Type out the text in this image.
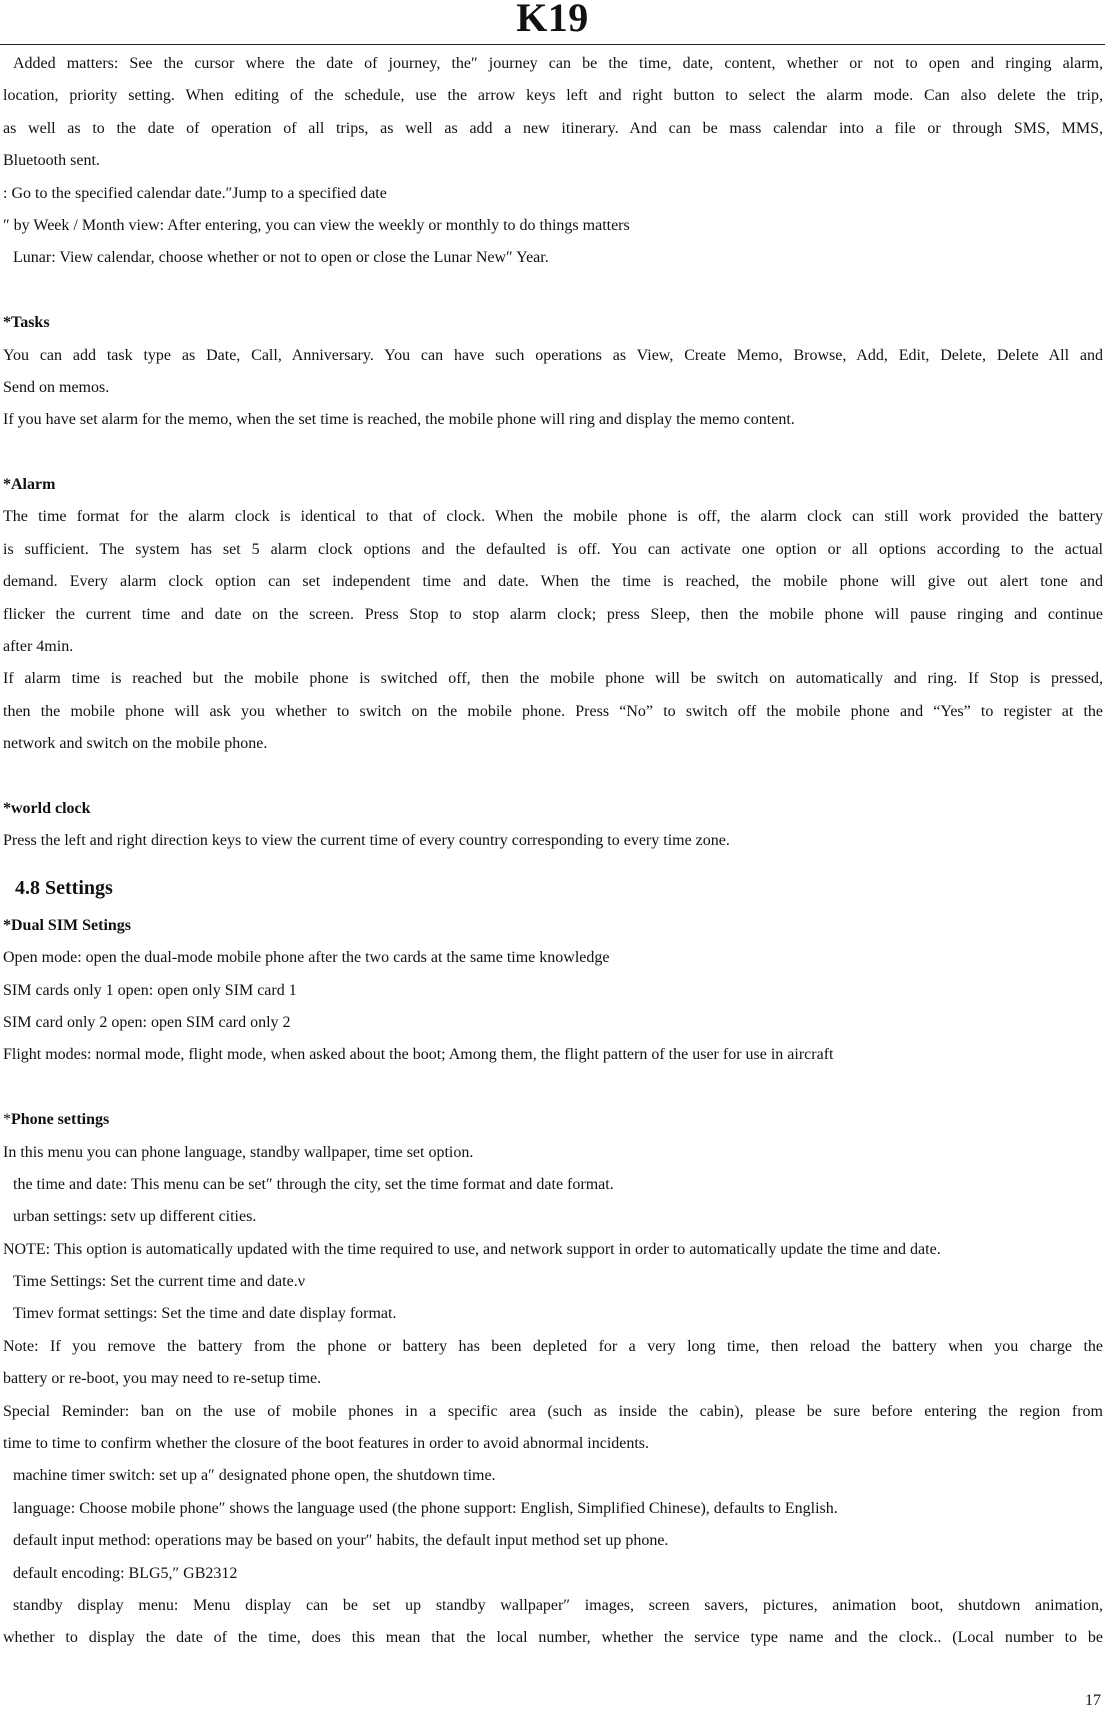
K19
Added matters: See the cursor where the date of journey, the″ journey can be the time, date, content, whether or not to open and ringing alarm,
location, priority setting. When editing of the schedule, use the arrow keys left and right button to select the alarm mode. Can also delete the trip,
as well as to the date of operation of all trips, as well as add a new itinerary. And can be mass calendar into a file or through SMS, MMS,
Bluetooth sent.
: Go to the specified calendar date.″Jump to a specified date
″ by Week / Month view: After entering, you can view the weekly or monthly to do things matters
Lunar: View calendar, choose whether or not to open or close the Lunar New″ Year.
*Tasks
You can add task type as Date, Call, Anniversary. You can have such operations as View, Create Memo, Browse, Add, Edit, Delete, Delete All and
Send on memos.
If you have set alarm for the memo, when the set time is reached, the mobile phone will ring and display the memo content.
*Alarm
The time format for the alarm clock is identical to that of clock. When the mobile phone is off, the alarm clock can still work provided the battery
is sufficient. The system has set 5 alarm clock options and the defaulted is off. You can activate one option or all options according to the actual
demand. Every alarm clock option can set independent time and date. When the time is reached, the mobile phone will give out alert tone and
flicker the current time and date on the screen. Press Stop to stop alarm clock; press Sleep, then the mobile phone will pause ringing and continue
after 4min.
If alarm time is reached but the mobile phone is switched off, then the mobile phone will be switch on automatically and ring. If Stop is pressed,
then the mobile phone will ask you whether to switch on the mobile phone. Press “No” to switch off the mobile phone and “Yes” to register at the
network and switch on the mobile phone.
*world clock
Press the left and right direction keys to view the current time of every country corresponding to every time zone.
4.8 Settings
*Dual SIM Setings
Open mode: open the dual-mode mobile phone after the two cards at the same time knowledge
SIM cards only 1 open: open only SIM card 1
SIM card only 2 open: open SIM card only 2
Flight modes: normal mode, flight mode, when asked about the boot; Among them, the flight pattern of the user for use in aircraft
*Phone settings
In this menu you can phone language, standby wallpaper, time set option.
the time and date: This menu can be set″ through the city, set the time format and date format.
urban settings: setν up different cities.
NOTE: This option is automatically updated with the time required to use, and network support in order to automatically update the time and date.
Time Settings: Set the current time and date.ν
Timeν format settings: Set the time and date display format.
Note: If you remove the battery from the phone or battery has been depleted for a very long time, then reload the battery when you charge the
battery or re-boot, you may need to re-setup time.
Special Reminder: ban on the use of mobile phones in a specific area (such as inside the cabin), please be sure before entering the region from
time to time to confirm whether the closure of the boot features in order to avoid abnormal incidents.
machine timer switch: set up a″ designated phone open, the shutdown time.
language: Choose mobile phone″ shows the language used (the phone support: English, Simplified Chinese), defaults to English.
default input method: operations may be based on your″ habits, the default input method set up phone.
default encoding: BLG5,″ GB2312
standby display menu: Menu display can be set up standby wallpaper″ images, screen savers, pictures, animation boot, shutdown animation,
whether to display the date of the time, does this mean that the local number, whether the service type name and the clock.. (Local number to be
17
